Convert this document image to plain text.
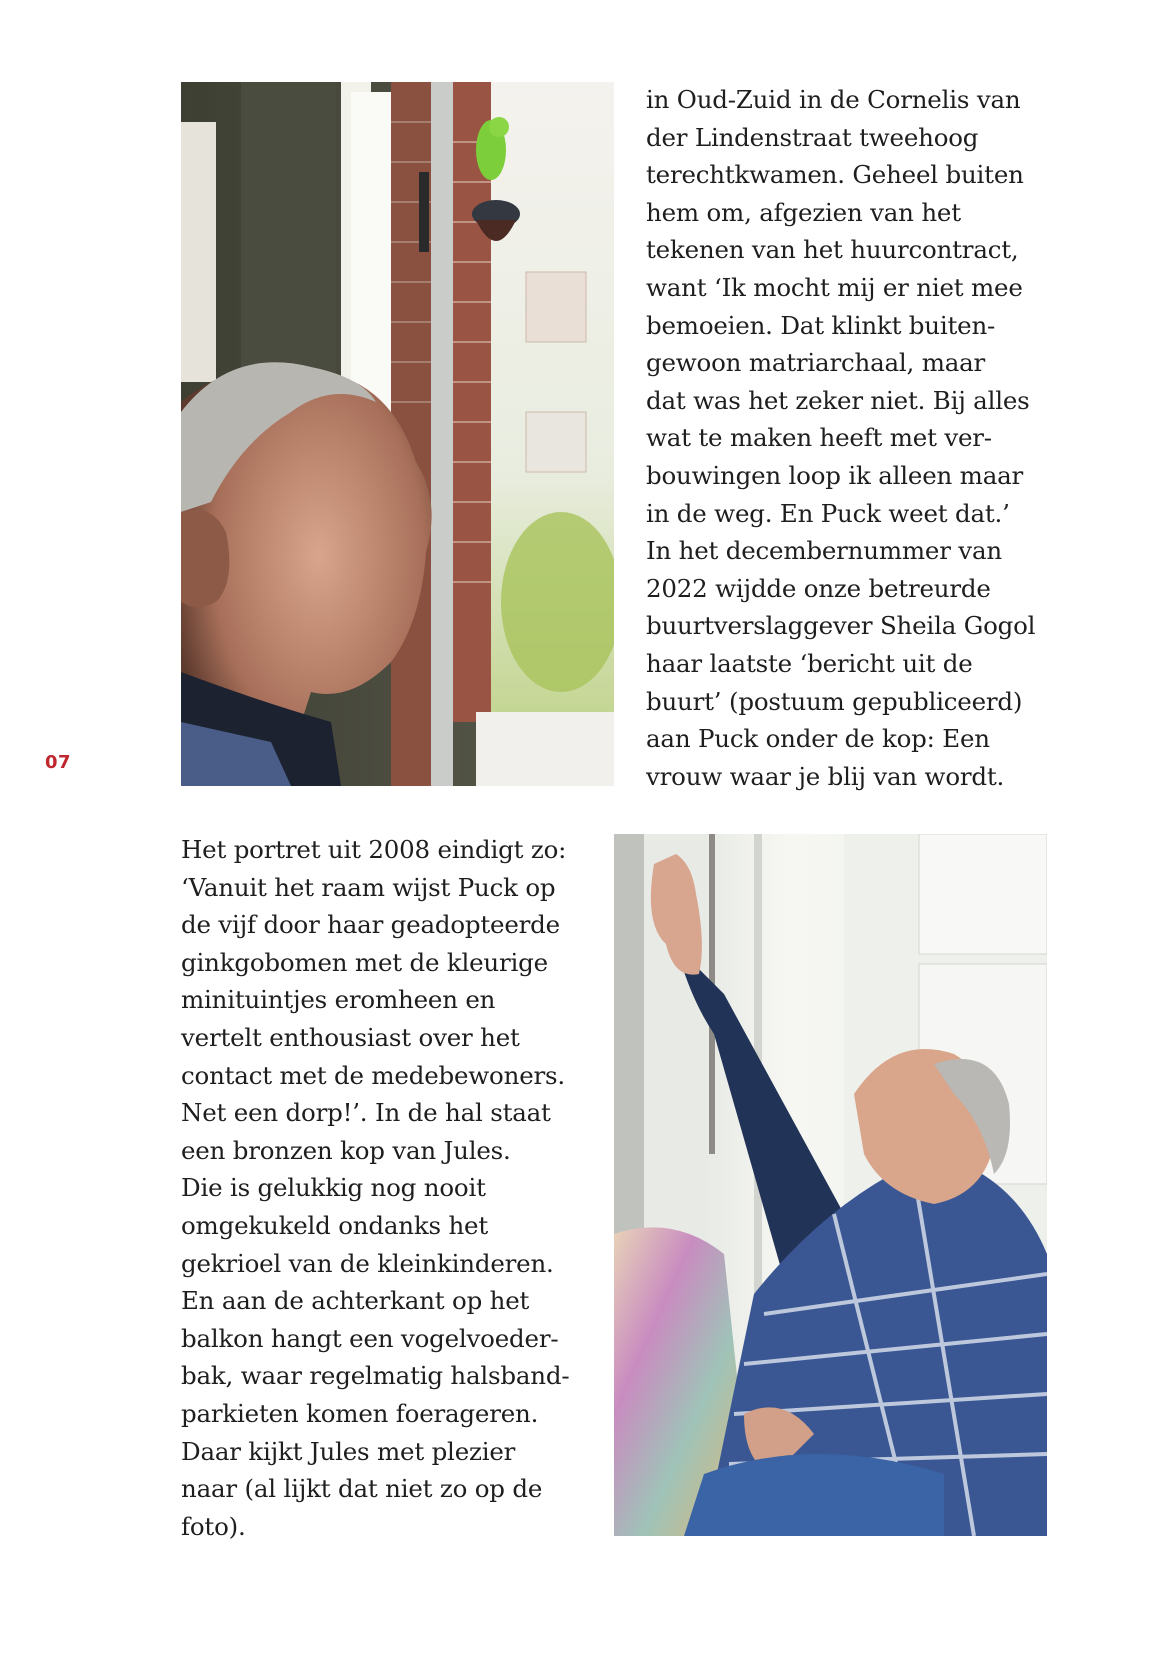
in Oud-Zuid in de Cornelis van
der Lindenstraat tweehoog
terechtkwamen. Geheel buiten
hem om, afgezien van het
tekenen van het huurcontract,
want ‘Ik mocht mij er niet mee
bemoeien. Dat klinkt buiten-
gewoon matriarchaal, maar
dat was het zeker niet. Bij alles
wat te maken heeft met ver-
bouwingen loop ik alleen maar
in de weg. En Puck weet dat.’
In het decembernummer van
2022 wijdde onze betreurde
buurtverslaggever Sheila Gogol
haar laatste ‘bericht uit de
buurt’ (postuum gepubliceerd)
aan Puck onder de kop: Een
vrouw waar je blij van wordt.
07
Het portret uit 2008 eindigt zo:
‘Vanuit het raam wijst Puck op
de vijf door haar geadopteerde
ginkgobomen met de kleurige
minituintjes eromheen en
vertelt enthousiast over het
contact met de medebewoners.
Net een dorp!’. In de hal staat
een bronzen kop van Jules.
Die is gelukkig nog nooit
omgekukeld ondanks het
gekrioel van de kleinkinderen.
En aan de achterkant op het
balkon hangt een vogelvoeder-
bak, waar regelmatig halsband-
parkieten komen foerageren.
Daar kijkt Jules met plezier
naar (al lijkt dat niet zo op de
foto).
